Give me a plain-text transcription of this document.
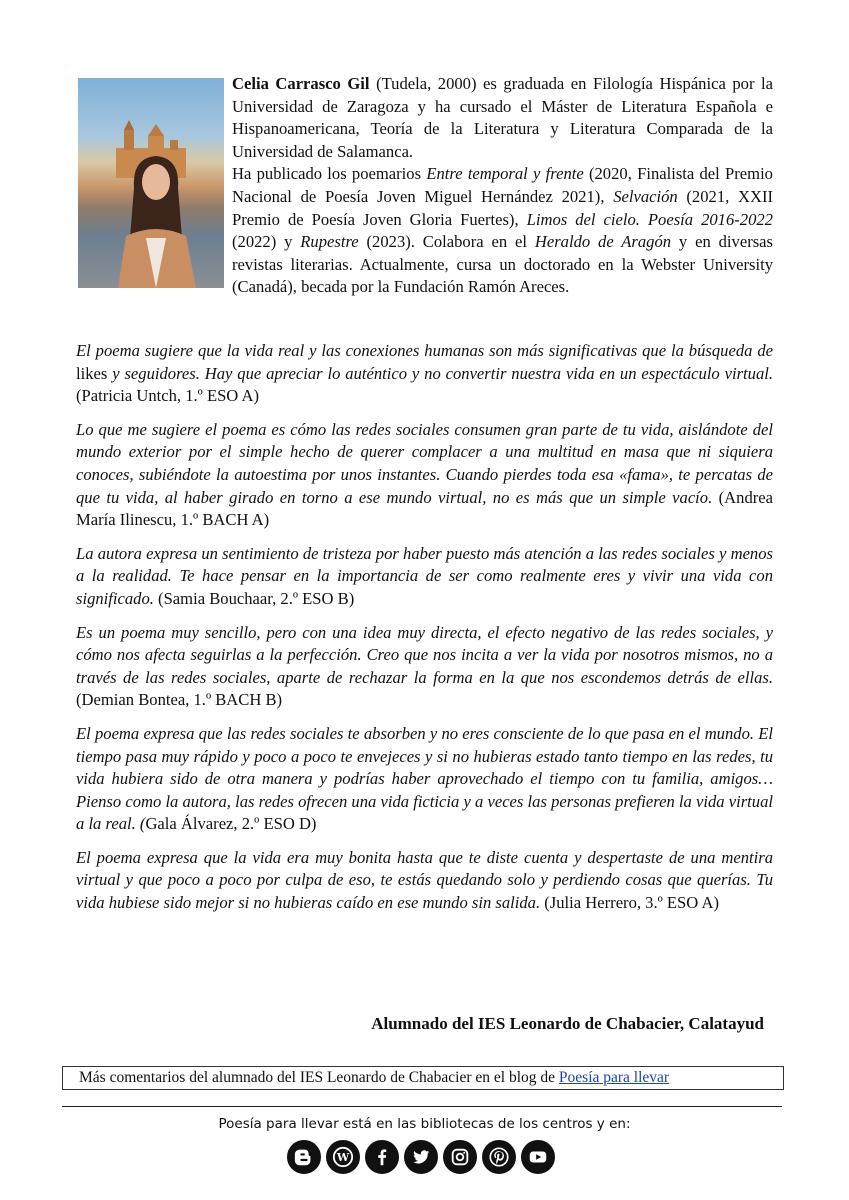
Celia Carrasco Gil (Tudela, 2000) es graduada en Filología Hispánica por la Universidad de Zaragoza y ha cursado el Máster de Literatura Española e Hispanoamericana, Teoría de la Literatura y Literatura Comparada de la Universidad de Salamanca.

Ha publicado los poemarios Entre temporal y frente (2020, Finalista del Premio Nacional de Poesía Joven Miguel Hernández 2021), Selvación (2021, XXII Premio de Poesía Joven Gloria Fuertes), Limos del cielo. Poesía 2016-2022 (2022) y Rupestre (2023). Colabora en el Heraldo de Aragón y en diversas revistas literarias. Actualmente, cursa un doctorado en la Webster University (Canadá), becada por la Fundación Ramón Areces.

El poema sugiere que la vida real y las conexiones humanas son más significativas que la búsqueda de likes y seguidores. Hay que apreciar lo auténtico y no convertir nuestra vida en un espectáculo virtual. (Patricia Untch, 1.º ESO A)

Lo que me sugiere el poema es cómo las redes sociales consumen gran parte de tu vida, aislándote del mundo exterior por el simple hecho de querer complacer a una multitud en masa que ni siquiera conoces, subiéndote la autoestima por unos instantes. Cuando pierdes toda esa «fama», te percatas de que tu vida, al haber girado en torno a ese mundo virtual, no es más que un simple vacío. (Andrea María Ilinescu, 1.º BACH A)

La autora expresa un sentimiento de tristeza por haber puesto más atención a las redes sociales y menos a la realidad. Te hace pensar en la importancia de ser como realmente eres y vivir una vida con significado. (Samia Bouchaar, 2.º ESO B)

Es un poema muy sencillo, pero con una idea muy directa, el efecto negativo de las redes sociales, y cómo nos afecta seguirlas a la perfección. Creo que nos incita a ver la vida por nosotros mismos, no a través de las redes sociales, aparte de rechazar la forma en la que nos escondemos detrás de ellas. (Demian Bontea, 1.º BACH B)

El poema expresa que las redes sociales te absorben y no eres consciente de lo que pasa en el mundo. El tiempo pasa muy rápido y poco a poco te envejeces y si no hubieras estado tanto tiempo en las redes, tu vida hubiera sido de otra manera y podrías haber aprovechado el tiempo con tu familia, amigos… Pienso como la autora, las redes ofrecen una vida ficticia y a veces las personas prefieren la vida virtual a la real. (Gala Álvarez, 2.º ESO D)

El poema expresa que la vida era muy bonita hasta que te diste cuenta y despertaste de una mentira virtual y que poco a poco por culpa de eso, te estás quedando solo y perdiendo cosas que querías. Tu vida hubiese sido mejor si no hubieras caído en ese mundo sin salida. (Julia Herrero, 3.º ESO A)

Alumnado del IES Leonardo de Chabacier, Calatayud
Más comentarios del alumnado del IES Leonardo de Chabacier en el blog de Poesía para llevar
Poesía para llevar está en las bibliotecas de los centros y en:
W
